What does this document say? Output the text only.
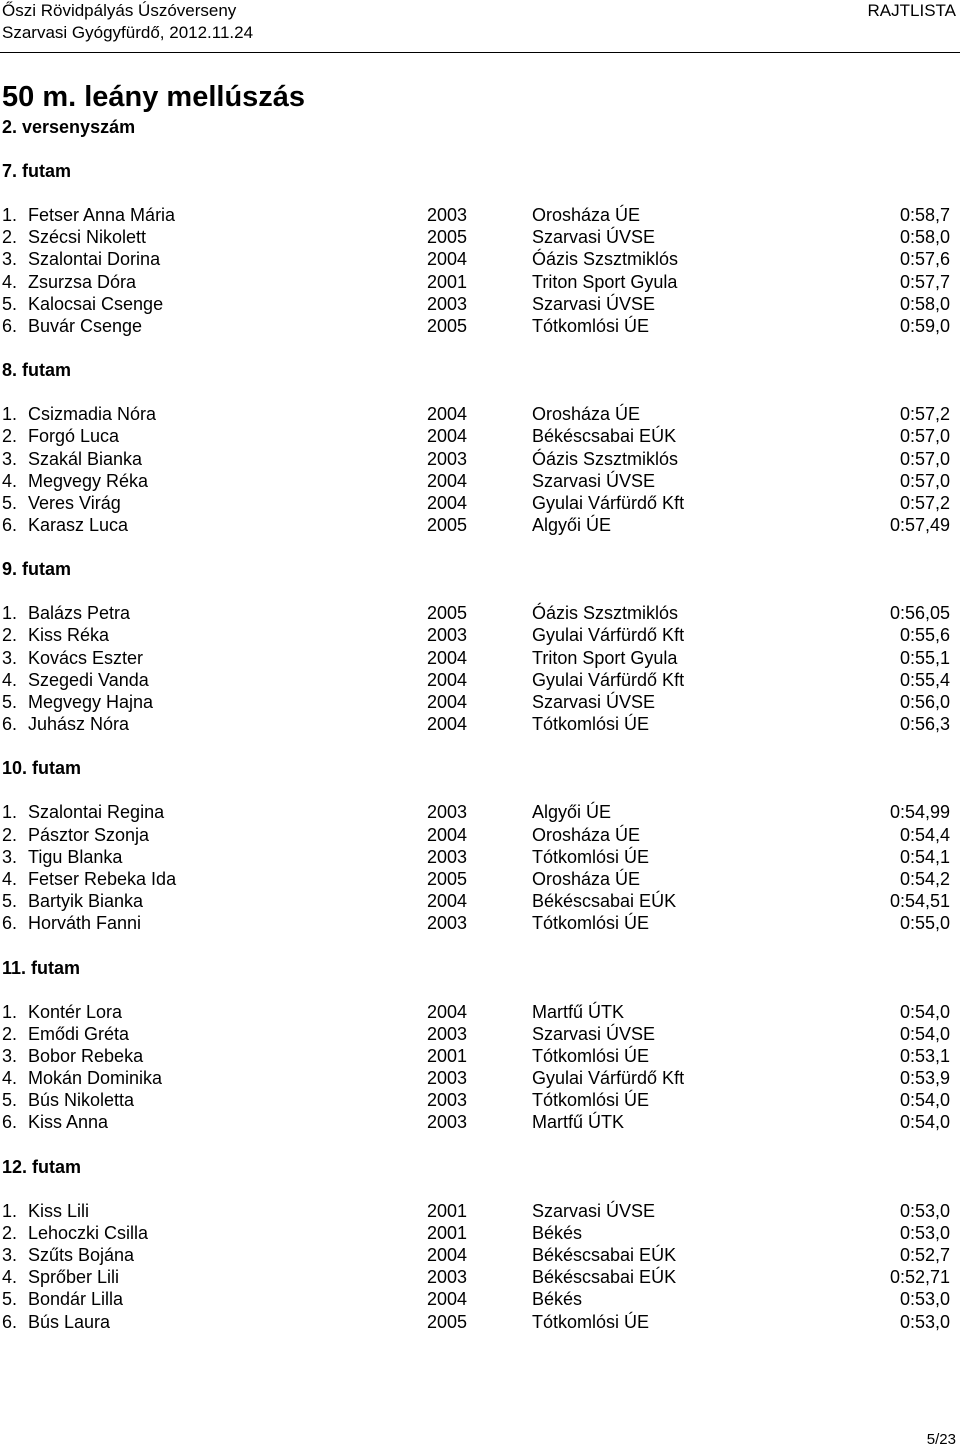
Őszi Rövidpályás Úszóverseny
Szarvasi Gyógyfürdő, 2012.11.24
RAJTLISTA
50 m. leány mellúszás
2. versenyszám
7. futam
1. Fetser Anna Mária	2003	Orosháza ÚE	0:58,7
2. Szécsi Nikolett	2005	Szarvasi ÚVSE	0:58,0
3. Szalontai Dorina	2004	Óázis Szsztmiklós	0:57,6
4. Zsurzsa Dóra	2001	Triton Sport Gyula	0:57,7
5. Kalocsai Csenge	2003	Szarvasi ÚVSE	0:58,0
6. Buvár Csenge	2005	Tótkomlósi ÚE	0:59,0
8. futam
1. Csizmadia Nóra	2004	Orosháza ÚE	0:57,2
2. Forgó Luca	2004	Békéscsabai EÚK	0:57,0
3. Szakál Bianka	2003	Óázis Szsztmiklós	0:57,0
4. Megvegy Réka	2004	Szarvasi ÚVSE	0:57,0
5. Veres Virág	2004	Gyulai Várfürdő Kft	0:57,2
6. Karasz Luca	2005	Algyői ÚE	0:57,49
9. futam
1. Balázs Petra	2005	Óázis Szsztmiklós	0:56,05
2. Kiss Réka	2003	Gyulai Várfürdő Kft	0:55,6
3. Kovács Eszter	2004	Triton Sport Gyula	0:55,1
4. Szegedi Vanda	2004	Gyulai Várfürdő Kft	0:55,4
5. Megvegy Hajna	2004	Szarvasi ÚVSE	0:56,0
6. Juhász Nóra	2004	Tótkomlósi ÚE	0:56,3
10. futam
1. Szalontai Regina	2003	Algyői ÚE	0:54,99
2. Pásztor Szonja	2004	Orosháza ÚE	0:54,4
3. Tigu Blanka	2003	Tótkomlósi ÚE	0:54,1
4. Fetser Rebeka Ida	2005	Orosháza ÚE	0:54,2
5. Bartyik Bianka	2004	Békéscsabai EÚK	0:54,51
6. Horváth Fanni	2003	Tótkomlósi ÚE	0:55,0
11. futam
1. Kontér Lora	2004	Martfű ÚTK	0:54,0
2. Emődi Gréta	2003	Szarvasi ÚVSE	0:54,0
3. Bobor Rebeka	2001	Tótkomlósi ÚE	0:53,1
4. Mokán Dominika	2003	Gyulai Várfürdő Kft	0:53,9
5. Bús Nikoletta	2003	Tótkomlósi ÚE	0:54,0
6. Kiss Anna	2003	Martfű ÚTK	0:54,0
12. futam
1. Kiss Lili	2001	Szarvasi ÚVSE	0:53,0
2. Lehoczki Csilla	2001	Békés	0:53,0
3. Szűts Bojána	2004	Békéscsabai EÚK	0:52,7
4. Sprőber Lili	2003	Békéscsabai EÚK	0:52,71
5. Bondár Lilla	2004	Békés	0:53,0
6. Bús Laura	2005	Tótkomlósi ÚE	0:53,0
5/23
